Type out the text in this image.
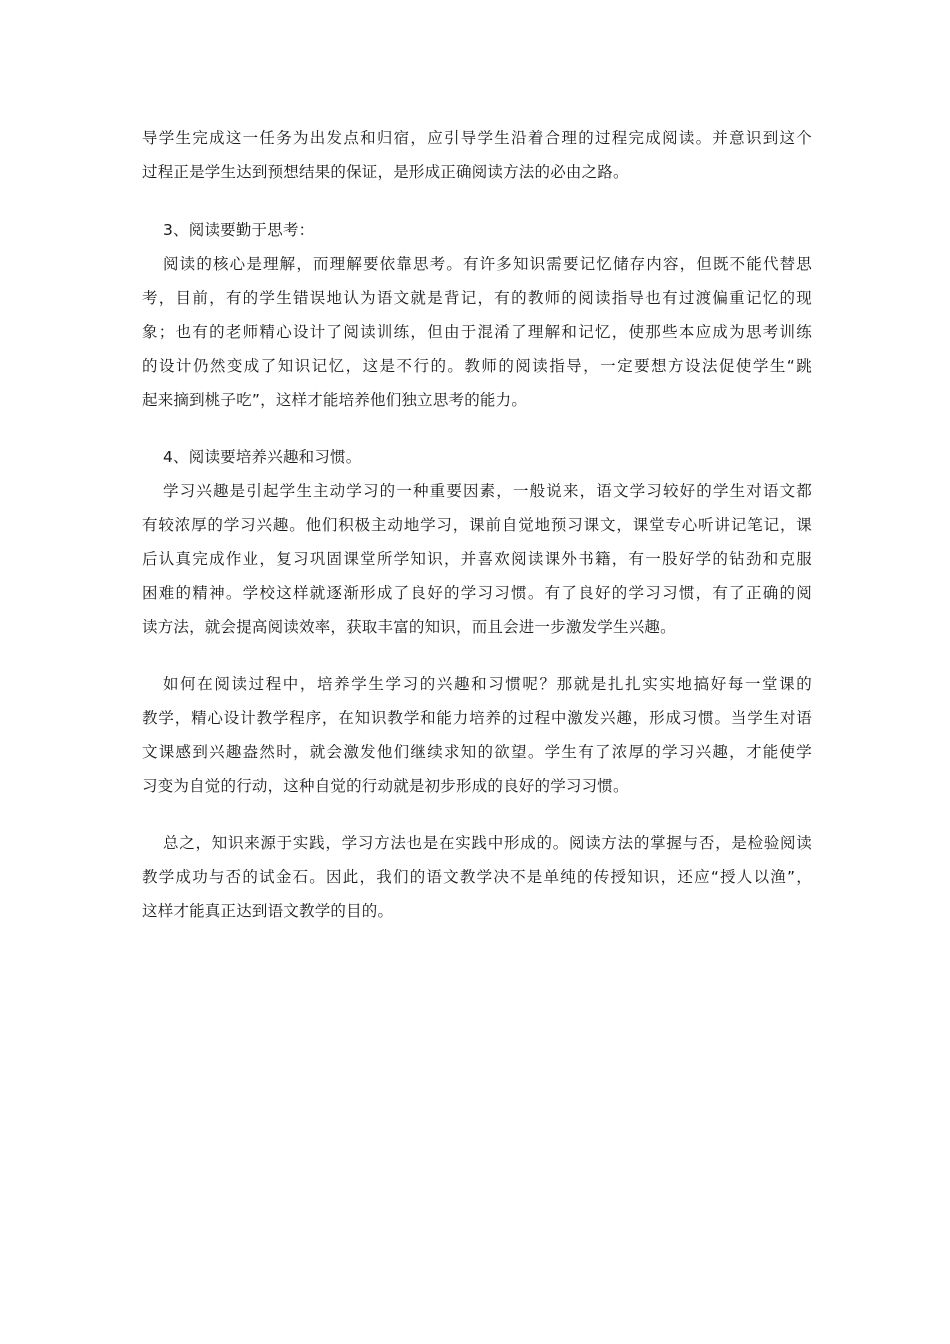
导学生完成这一任务为出发点和归宿，应引导学生沿着合理的过程完成阅读。并意识到这个
过程正是学生达到预想结果的保证，是形成正确阅读方法的必由之路。
3、阅读要勤于思考：
阅读的核心是理解，而理解要依靠思考。有许多知识需要记忆储存内容，但既不能代替思
考，目前，有的学生错误地认为语文就是背记，有的教师的阅读指导也有过渡偏重记忆的现
象；也有的老师精心设计了阅读训练，但由于混淆了理解和记忆，使那些本应成为思考训练
的设计仍然变成了知识记忆，这是不行的。教师的阅读指导，一定要想方设法促使学生“跳
起来摘到桃子吃”，这样才能培养他们独立思考的能力。
4、阅读要培养兴趣和习惯。
学习兴趣是引起学生主动学习的一种重要因素，一般说来，语文学习较好的学生对语文都
有较浓厚的学习兴趣。他们积极主动地学习，课前自觉地预习课文，课堂专心听讲记笔记，课
后认真完成作业，复习巩固课堂所学知识，并喜欢阅读课外书籍，有一股好学的钻劲和克服
困难的精神。学校这样就逐渐形成了良好的学习习惯。有了良好的学习习惯，有了正确的阅
读方法，就会提高阅读效率，获取丰富的知识，而且会进一步激发学生兴趣。
如何在阅读过程中，培养学生学习的兴趣和习惯呢？那就是扎扎实实地搞好每一堂课的
教学，精心设计教学程序，在知识教学和能力培养的过程中激发兴趣，形成习惯。当学生对语
文课感到兴趣盎然时，就会激发他们继续求知的欲望。学生有了浓厚的学习兴趣，才能使学
习变为自觉的行动，这种自觉的行动就是初步形成的良好的学习习惯。
总之，知识来源于实践，学习方法也是在实践中形成的。阅读方法的掌握与否，是检验阅读
教学成功与否的试金石。因此，我们的语文教学决不是单纯的传授知识，还应“授人以渔”，
这样才能真正达到语文教学的目的。
